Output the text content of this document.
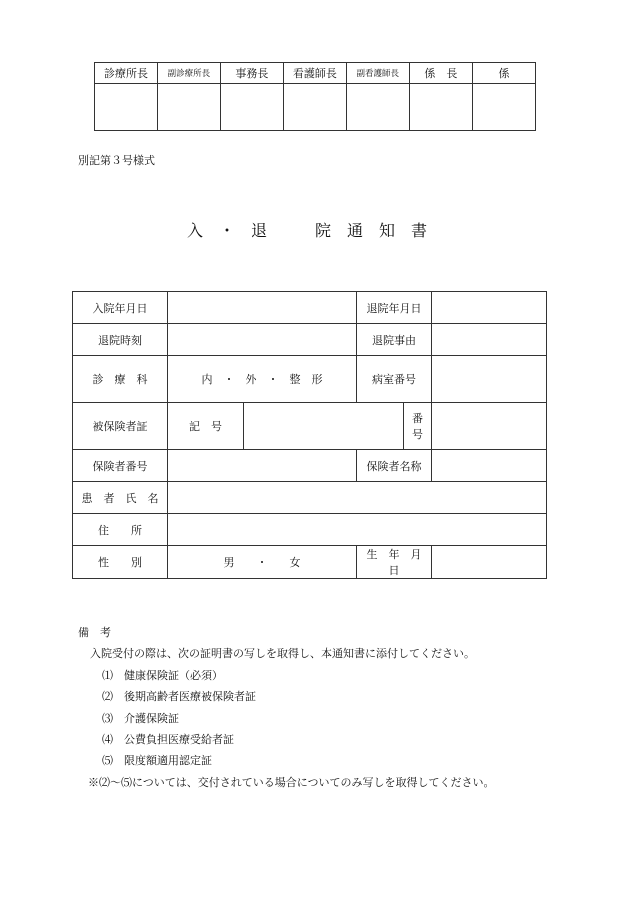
診療所長	副診療所長	事務長	看護師長	副看護師長	係　長	係

別記第３号様式
入・退　院通知書
入院年月日			退院年月日		
退院時刻			退院事由		
診　療　科	内　・　外　・　整　形		病室番号		
被保険者証	記　号			番　号	
保険者番号			保険者名称		
患　者　氏　名					
住　　所					
性　　別	男　　・　　女		生　年　月　日		
備　考
入院受付の際は、次の証明書の写しを取得し、本通知書に添付してください。
⑴ 健康保険証（必須）
⑵ 後期高齢者医療被保険者証
⑶ 介護保険証
⑷ 公費負担医療受給者証
⑸ 限度額適用認定証
※⑵～⑸については、交付されている場合についてのみ写しを取得してください。
